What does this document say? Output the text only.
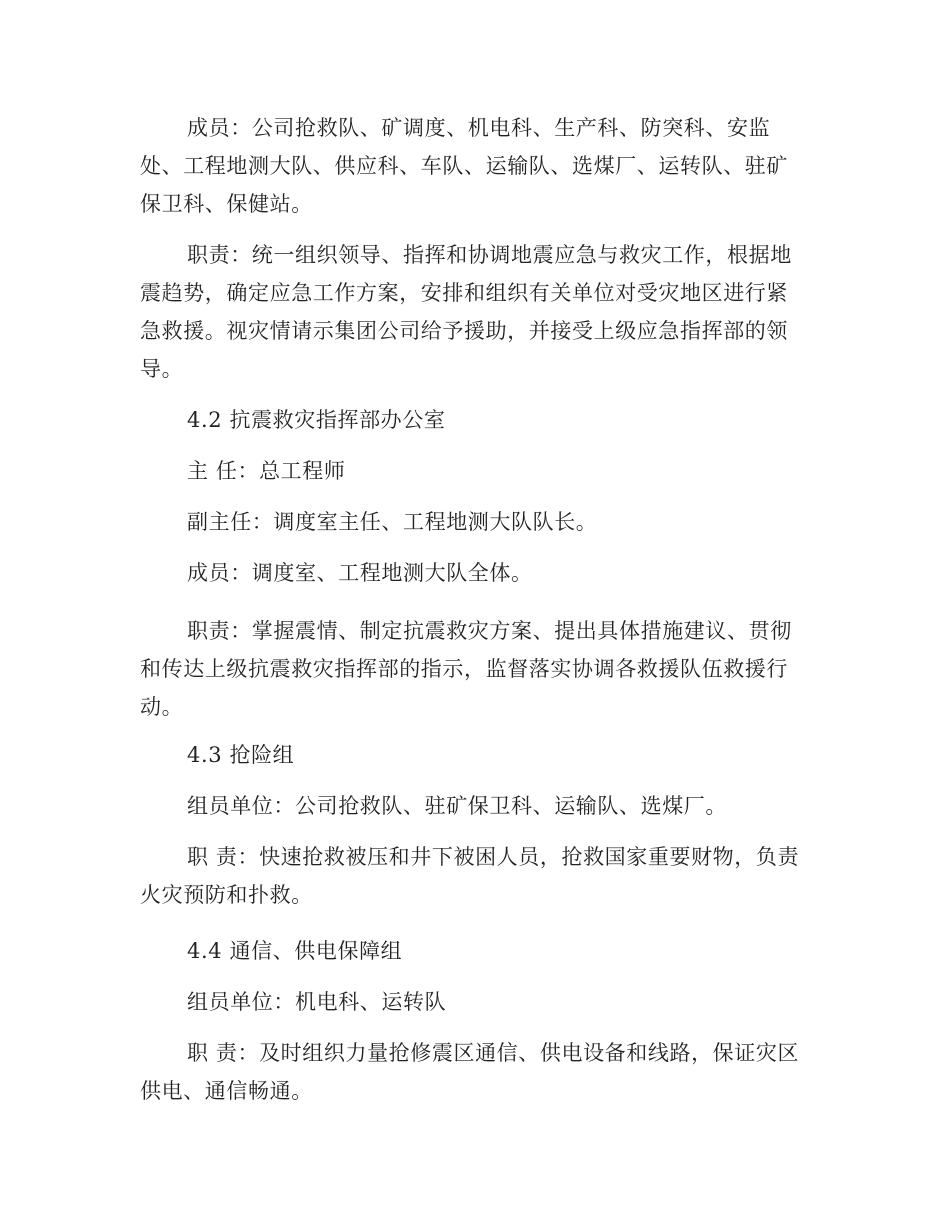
成员：公司抢救队、矿调度、机电科、生产科、防突科、安监
处、工程地测大队、供应科、车队、运输队、选煤厂、运转队、驻矿
保卫科、保健站。
职责：统一组织领导、指挥和协调地震应急与救灾工作，根据地
震趋势，确定应急工作方案，安排和组织有关单位对受灾地区进行紧
急救援。视灾情请示集团公司给予援助，并接受上级应急指挥部的领
导。
4.2 抗震救灾指挥部办公室
主 任：总工程师
副主任：调度室主任、工程地测大队队长。
成员：调度室、工程地测大队全体。
职责：掌握震情、制定抗震救灾方案、提出具体措施建议、贯彻
和传达上级抗震救灾指挥部的指示，监督落实协调各救援队伍救援行
动。
4.3 抢险组
组员单位：公司抢救队、驻矿保卫科、运输队、选煤厂。
职 责：快速抢救被压和井下被困人员，抢救国家重要财物，负责
火灾预防和扑救。
4.4 通信、供电保障组
组员单位：机电科、运转队
职 责：及时组织力量抢修震区通信、供电设备和线路，保证灾区
供电、通信畅通。
